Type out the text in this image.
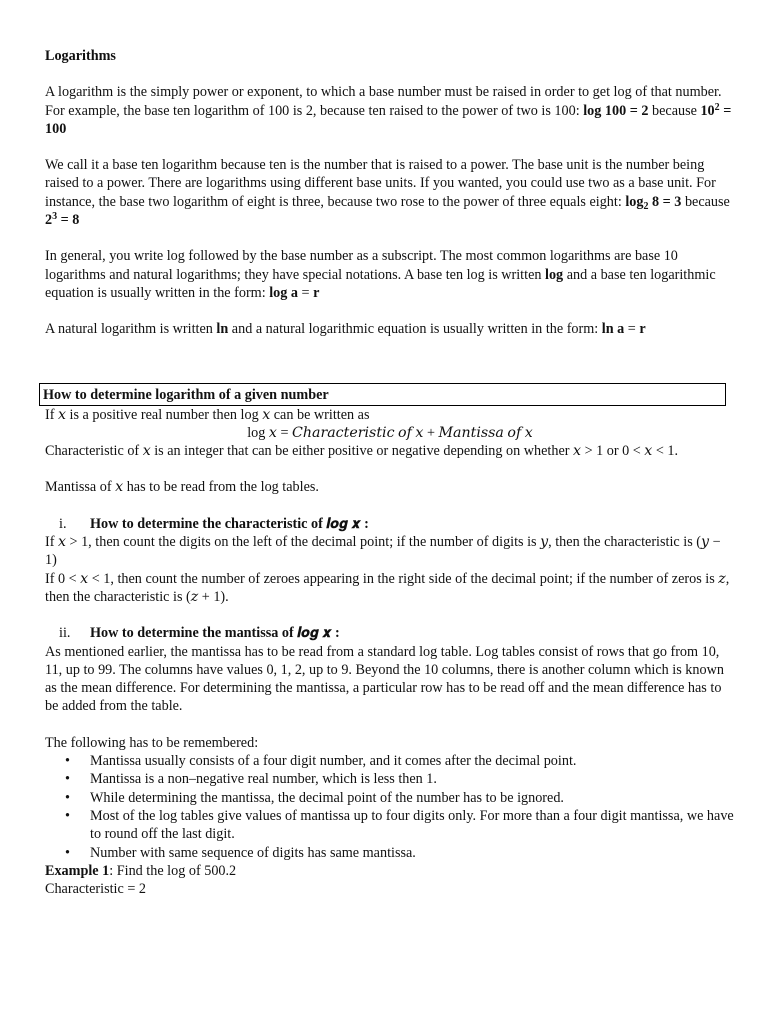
Logarithms

A logarithm is the simply power or exponent, to which a base number must be raised in order to get log of that number. For example, the base ten logarithm of 100 is 2, because ten raised to the power of two is 100: log 100 = 2 because $10^2 = 100$

We call it a base ten logarithm because ten is the number that is raised to a power. The base unit is the number being raised to a power. There are logarithms using different base units. If you wanted, you could use two as a base unit. For instance, the base two logarithm of eight is three, because two rose to the power of three equals eight: $\log_2 8 = 3$ because $2^3 = 8$

In general, you write log followed by the base number as a subscript. The most common logarithms are base 10 logarithms and natural logarithms; they have special notations. A base ten log is written log and a base ten logarithmic equation is usually written in the form: log a = r

A natural logarithm is written ln and a natural logarithmic equation is usually written in the form: ln a = r

How to determine logarithm of a given number

If 𝑥 is a positive real number then log 𝑥 can be written as

log 𝑥 = 𝐶ℎ𝑎𝑟𝑎𝑐𝑡𝑒𝑟𝑖𝑠𝑡𝑖𝑐 𝑜𝑓 𝑥 + 𝑀𝑎𝑛𝑡𝑖𝑠𝑠𝑎 𝑜𝑓 𝑥

Characteristic of 𝑥 is an integer that can be either positive or negative depending on whether 𝑥 > 1 or 0 < 𝑥 < 1.

Mantissa of 𝑥 has to be read from the log tables.

i. How to determine the characteristic of 𝒍𝒐𝒈 𝒙 :

If 𝑥 > 1, then count the digits on the left of the decimal point; if the number of digits is 𝑦, then the characteristic is (𝑦 − 1)

If 0 < 𝑥 < 1, then count the number of zeroes appearing in the right side of the decimal point; if the number of zeros is 𝑧, then the characteristic is (𝑧 + 1).

ii. How to determine the mantissa of 𝒍𝒐𝒈 𝒙 :

As mentioned earlier, the mantissa has to be read from a standard log table. Log tables consist of rows that go from 10, 11, up to 99. The columns have values 0, 1, 2, up to 9. Beyond the 10 columns, there is another column which is known as the mean difference. For determining the mantissa, a particular row has to be read off and the mean difference has to be added from the table.

The following has to be remembered:

• Mantissa usually consists of a four digit number, and it comes after the decimal point.
• Mantissa is a non–negative real number, which is less then 1.
• While determining the mantissa, the decimal point of the number has to be ignored.
• Most of the log tables give values of mantissa up to four digits only. For more than a four digit mantissa, we have to round off the last digit.
• Number with same sequence of digits has same mantissa.

Example 1: Find the log of 500.2

Characteristic = 2
